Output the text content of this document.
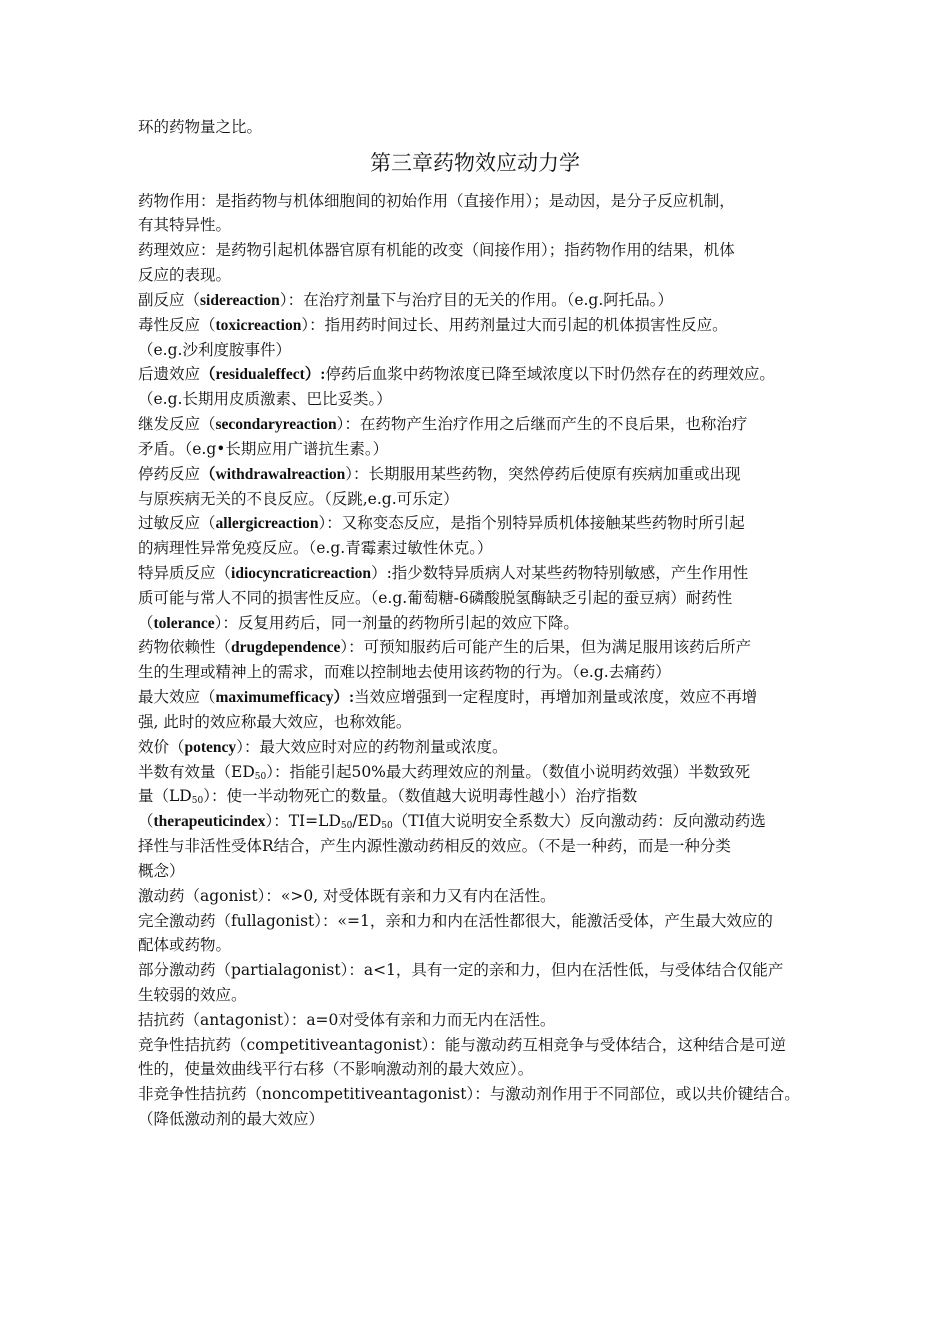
环的药物量之比。
第三章药物效应动力学
药物作用：是指药物与机体细胞间的初始作用（直接作用）；是动因，是分子反应机制，
有其特异性。
药理效应：是药物引起机体器官原有机能的改变（间接作用）；指药物作用的结果，机体
反应的表现。
副反应（sidereaction）：在治疗剂量下与治疗目的无关的作用。（e.g.阿托品。）
毒性反应（toxicreaction）：指用药时间过长、用药剂量过大而引起的机体损害性反应。
（e.g.沙利度胺事件）
后遗效应（residualeffect）:停药后血浆中药物浓度已降至域浓度以下时仍然存在的药理效应。
（e.g.长期用皮质激素、巴比妥类。）
继发反应（secondaryreaction）：在药物产生治疗作用之后继而产生的不良后果，也称治疗
矛盾。（e.g•长期应用广谱抗生素。）
停药反应（withdrawalreaction）：长期服用某些药物，突然停药后使原有疾病加重或出现
与原疾病无关的不良反应。（反跳,e.g.可乐定）
过敏反应（allergicreaction）：又称变态反应，是指个别特异质机体接触某些药物时所引起
的病理性异常免疫反应。（e.g.青霉素过敏性休克。）
特异质反应（idiocyncraticreaction）:指少数特异质病人对某些药物特别敏感，产生作用性
质可能与常人不同的损害性反应。（e.g.葡萄糖-6磷酸脱氢酶缺乏引起的蚕豆病）耐药性
（tolerance）：反复用药后，同一剂量的药物所引起的效应下降。
药物依赖性（drugdependence）：可预知服药后可能产生的后果，但为满足服用该药后所产
生的生理或精神上的需求，而难以控制地去使用该药物的行为。（e.g.去痛药）
最大效应（maximumefficacy）:当效应增强到一定程度时，再增加剂量或浓度，效应不再增
强, 此时的效应称最大效应，也称效能。
效价（potency）：最大效应时对应的药物剂量或浓度。
半数有效量$(ED_{50})$：指能引起50%最大药理效应的剂量。（数值小说明药效强）半数致死
量$(LD_{50})$：使一半动物死亡的数量。（数值越大说明毒性越小）治疗指数
（therapeuticindex）：$TI=LD_{50}/ED_{50}(TI$值大说明安全系数大）反向激动药：反向激动药选
择性与非活性受体R结合，产生内源性激动药相反的效应。（不是一种药，而是一种分类
概念）
激动药（agonist）：«>0, 对受体既有亲和力又有内在活性。
完全激动药（fullagonist）：«=1，亲和力和内在活性都很大，能激活受体，产生最大效应的
配体或药物。
部分激动药（partialagonist）：a<1，具有一定的亲和力，但内在活性低，与受体结合仅能产
生较弱的效应。
拮抗药（antagonist）：a=0对受体有亲和力而无内在活性。
竞争性拮抗药（competitiveantagonist）：能与激动药互相竞争与受体结合，这种结合是可逆
性的，使量效曲线平行右移（不影响激动剂的最大效应）。
非竞争性拮抗药（noncompetitiveantagonist）：与激动剂作用于不同部位，或以共价键结合。
（降低激动剂的最大效应）
